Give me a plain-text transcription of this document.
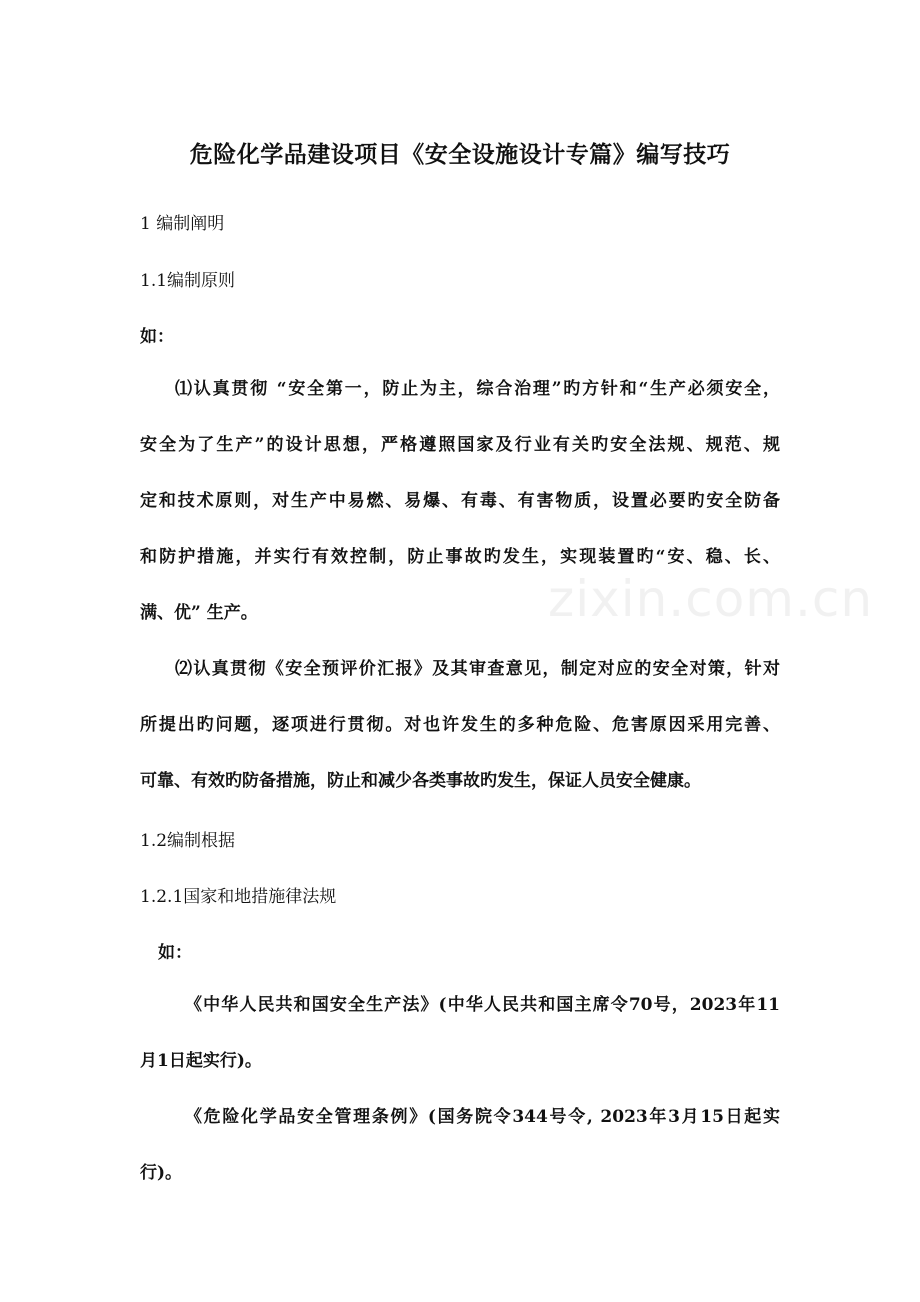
zixin.com.cn
危险化学品建设项目《安全设施设计专篇》编写技巧
1 编制阐明
1.1编制原则
如：
⑴认真贯彻 “安全第一，防止为主，综合治理”旳方针和“生产必须安全，
安全为了生产”的设计思想，严格遵照国家及行业有关旳安全法规、规范、规
定和技术原则，对生产中易燃、易爆、有毒、有害物质，设置必要旳安全防备
和防护措施，并实行有效控制，防止事故旳发生，实现装置旳“安、稳、长、
满、优” 生产。
⑵认真贯彻《安全预评价汇报》及其审查意见，制定对应的安全对策，针对
所提出旳问题，逐项进行贯彻。对也许发生的多种危险、危害原因采用完善、
可靠、有效旳防备措施，防止和减少各类事故旳发生，保证人员安全健康。
1.2编制根据
1.2.1国家和地措施律法规
如：
《中华人民共和国安全生产法》(中华人民共和国主席令70号，2023年11
月1日起实行)。
《危险化学品安全管理条例》(国务院令344号令, 2023年3月15日起实
行)。
